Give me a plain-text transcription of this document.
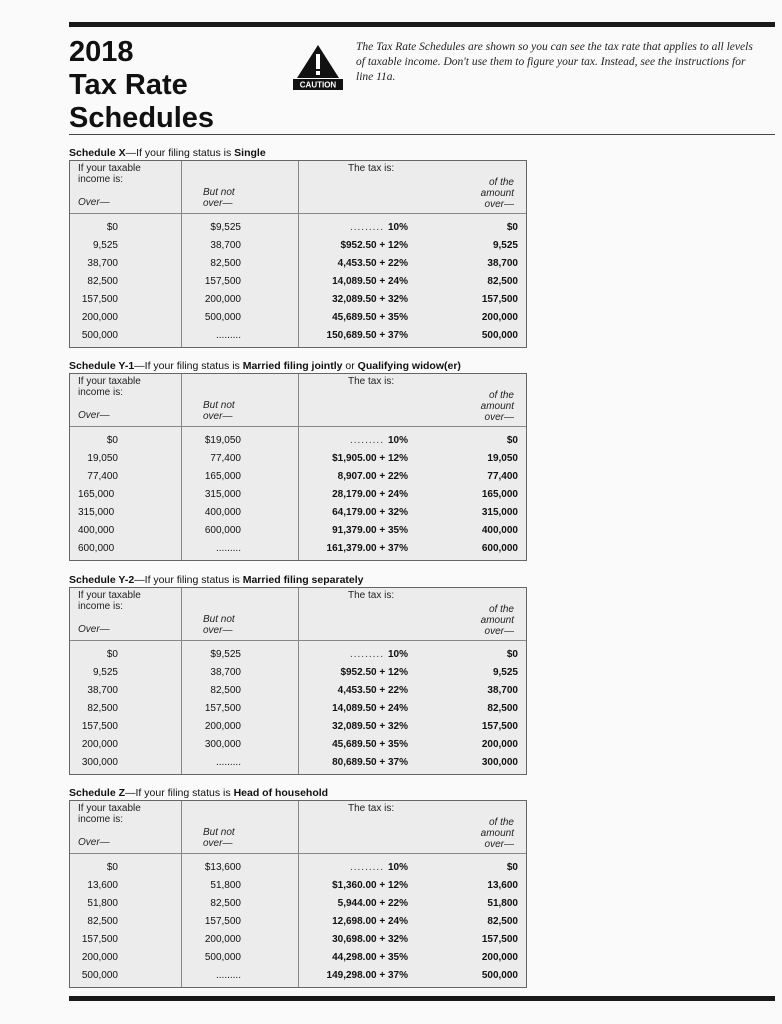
2018
Tax Rate
Schedules
CAUTION
The Tax Rate Schedules are shown so you can see the tax rate that applies to all levels of taxable income. Don't use them to figure your tax. Instead, see the instructions for line 11a.
Schedule X—If your filing status is Single
If your taxable income is:
The tax is:
Over—
But not over—
of the amount over—
$0	$9,525	......... 10%	$0
9,525	38,700	$952.50 + 12%	9,525
38,700	82,500	4,453.50 + 22%	38,700
82,500	157,500	14,089.50 + 24%	82,500
157,500	200,000	32,089.50 + 32%	157,500
200,000	500,000	45,689.50 + 35%	200,000
500,000	.........	150,689.50 + 37%	500,000
Schedule Y-1—If your filing status is Married filing jointly or Qualifying widow(er)
If your taxable income is:
The tax is:
Over—
But not over—
of the amount over—
$0	$19,050	......... 10%	$0
19,050	77,400	$1,905.00 + 12%	19,050
77,400	165,000	8,907.00 + 22%	77,400
165,000	315,000	28,179.00 + 24%	165,000
315,000	400,000	64,179.00 + 32%	315,000
400,000	600,000	91,379.00 + 35%	400,000
600,000	.........	161,379.00 + 37%	600,000
Schedule Y-2—If your filing status is Married filing separately
If your taxable income is:
The tax is:
Over—
But not over—
of the amount over—
$0	$9,525	......... 10%	$0
9,525	38,700	$952.50 + 12%	9,525
38,700	82,500	4,453.50 + 22%	38,700
82,500	157,500	14,089.50 + 24%	82,500
157,500	200,000	32,089.50 + 32%	157,500
200,000	300,000	45,689.50 + 35%	200,000
300,000	.........	80,689.50 + 37%	300,000
Schedule Z—If your filing status is Head of household
If your taxable income is:
The tax is:
Over—
But not over—
of the amount over—
$0	$13,600	......... 10%	$0
13,600	51,800	$1,360.00 + 12%	13,600
51,800	82,500	5,944.00 + 22%	51,800
82,500	157,500	12,698.00 + 24%	82,500
157,500	200,000	30,698.00 + 32%	157,500
200,000	500,000	44,298.00 + 35%	200,000
500,000	.........	149,298.00 + 37%	500,000
